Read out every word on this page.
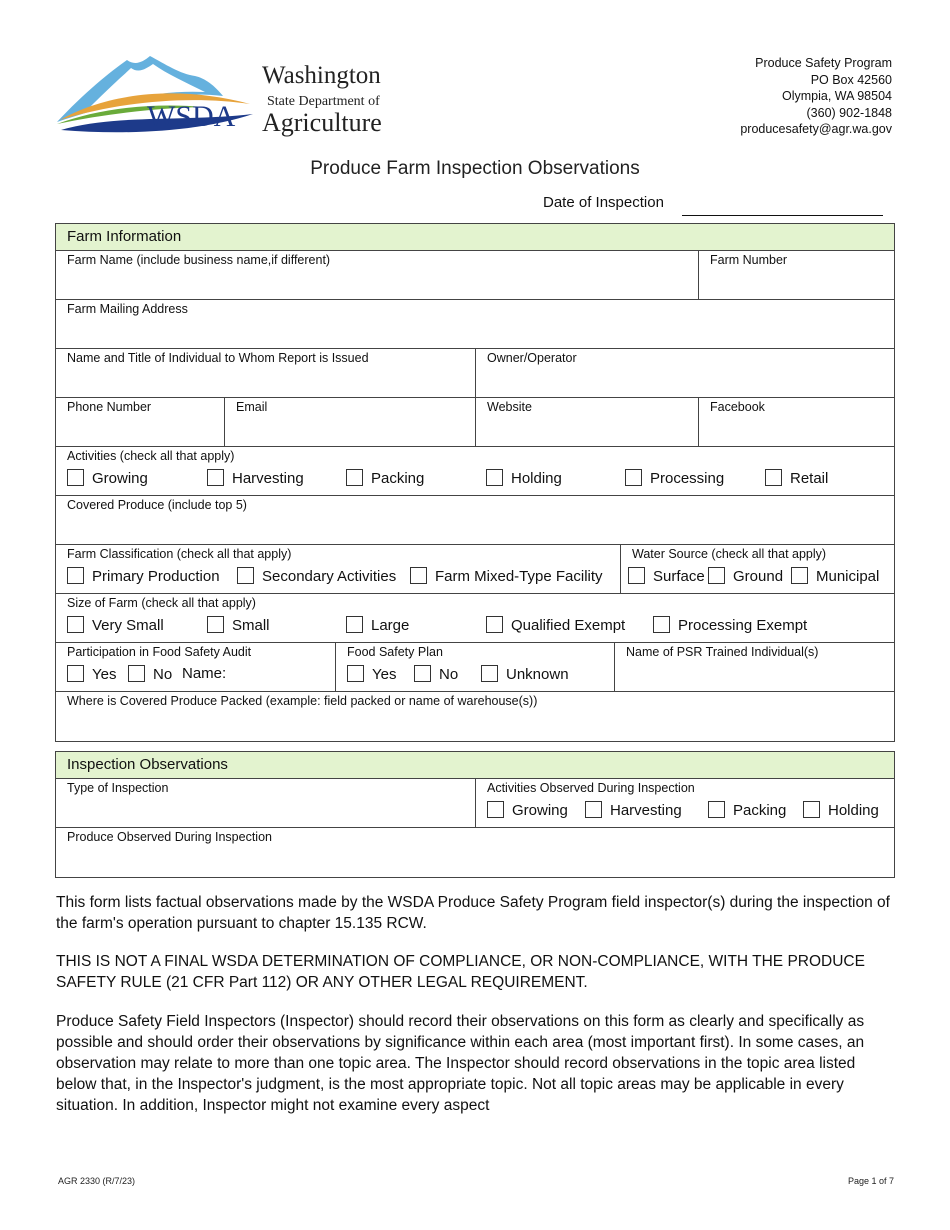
WSDA
Washington
State Department of
Agriculture
Produce Safety Program
PO Box 42560
Olympia, WA 98504
(360) 902-1848
producesafety@agr.wa.gov
Produce Farm Inspection Observations
Date of Inspection
Farm Information
Farm Name (include business name,if different)	Farm Number
Farm Mailing Address
Name and Title of Individual to Whom Report is Issued	Owner/Operator
Phone Number	Email	Website	Facebook
Activities (check all that apply)
Growing	Harvesting	Packing	Holding	Processing	Retail
Covered Produce (include top 5)
Farm Classification (check all that apply)
Primary Production	Secondary Activities	Farm Mixed-Type Facility
Water Source (check all that apply)
Surface	Ground	Municipal
Size of Farm (check all that apply)
Very Small	Small	Large	Qualified Exempt	Processing Exempt
Participation in Food Safety Audit
Yes	No Name:
Food Safety Plan
Yes	No	Unknown
Name of PSR Trained Individual(s)
Where is Covered Produce Packed (example: field packed or name of warehouse(s))
Inspection Observations
Type of Inspection	Activities Observed During Inspection
Growing	Harvesting	Packing	Holding
Produce Observed During Inspection
This form lists factual observations made by the WSDA Produce Safety Program field inspector(s) during the inspection of the farm's operation pursuant to chapter 15.135 RCW.
THIS IS NOT A FINAL WSDA DETERMINATION OF COMPLIANCE, OR NON-COMPLIANCE, WITH THE PRODUCE SAFETY RULE (21 CFR Part 112) OR ANY OTHER LEGAL REQUIREMENT.
Produce Safety Field Inspectors (Inspector) should record their observations on this form as clearly and specifically as possible and should order their observations by significance within each area (most important first). In some cases, an observation may relate to more than one topic area. The Inspector should record observations in the topic area listed below that, in the Inspector's judgment, is the most appropriate topic. Not all topic areas may be applicable in every situation. In addition, Inspector might not examine every aspect
AGR 2330 (R/7/23)	Page 1 of 7
